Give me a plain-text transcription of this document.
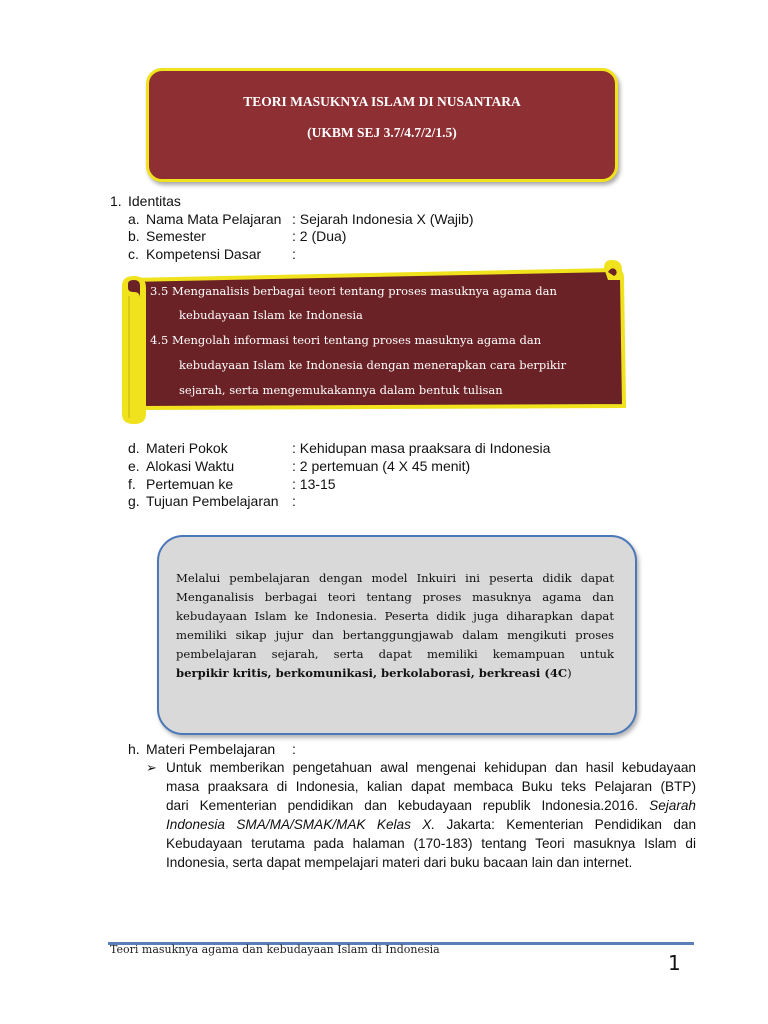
TEORI MASUKNYA ISLAM DI NUSANTARA
(UKBM SEJ 3.7/4.7/2/1.5)
1. Identitas
a. Nama Mata Pelajaran : Sejarah Indonesia X (Wajib)
b. Semester	: 2 (Dua)
c. Kompetensi Dasar :
3.5 Menganalisis berbagai teori tentang proses masuknya agama dan
kebudayaan Islam ke Indonesia
4.5 Mengolah informasi teori tentang proses masuknya agama dan
kebudayaan Islam ke Indonesia dengan menerapkan cara berpikir
sejarah, serta mengemukakannya dalam bentuk tulisan
d. Materi Pokok	: Kehidupan masa praaksara di Indonesia
e. Alokasi Waktu	: 2 pertemuan (4 X 45 menit)
f. Pertemuan ke	: 13-15
g. Tujuan Pembelajaran :
Melalui pembelajaran dengan model Inkuiri ini peserta didik dapat
Menganalisis berbagai teori tentang proses masuknya agama dan
kebudayaan Islam ke Indonesia. Peserta didik juga diharapkan dapat
memiliki sikap jujur dan bertanggungjawab dalam mengikuti proses
pembelajaran sejarah, serta dapat memiliki kemampuan untuk
berpikir kritis, berkomunikasi, berkolaborasi, berkreasi (4C)
h. Materi Pembelajaran :
➢ Untuk memberikan pengetahuan awal mengenai kehidupan dan hasil kebudayaan
masa praaksara di Indonesia, kalian dapat membaca Buku teks Pelajaran (BTP)
dari Kementerian pendidikan dan kebudayaan republik Indonesia.2016. Sejarah
Indonesia SMA/MA/SMAK/MAK Kelas X. Jakarta: Kementerian Pendidikan dan
Kebudayaan terutama pada halaman (170-183) tentang Teori masuknya Islam di
Indonesia, serta dapat mempelajari materi dari buku bacaan lain dan internet.
Teori masuknya agama dan kebudayaan Islam di Indonesia
1
